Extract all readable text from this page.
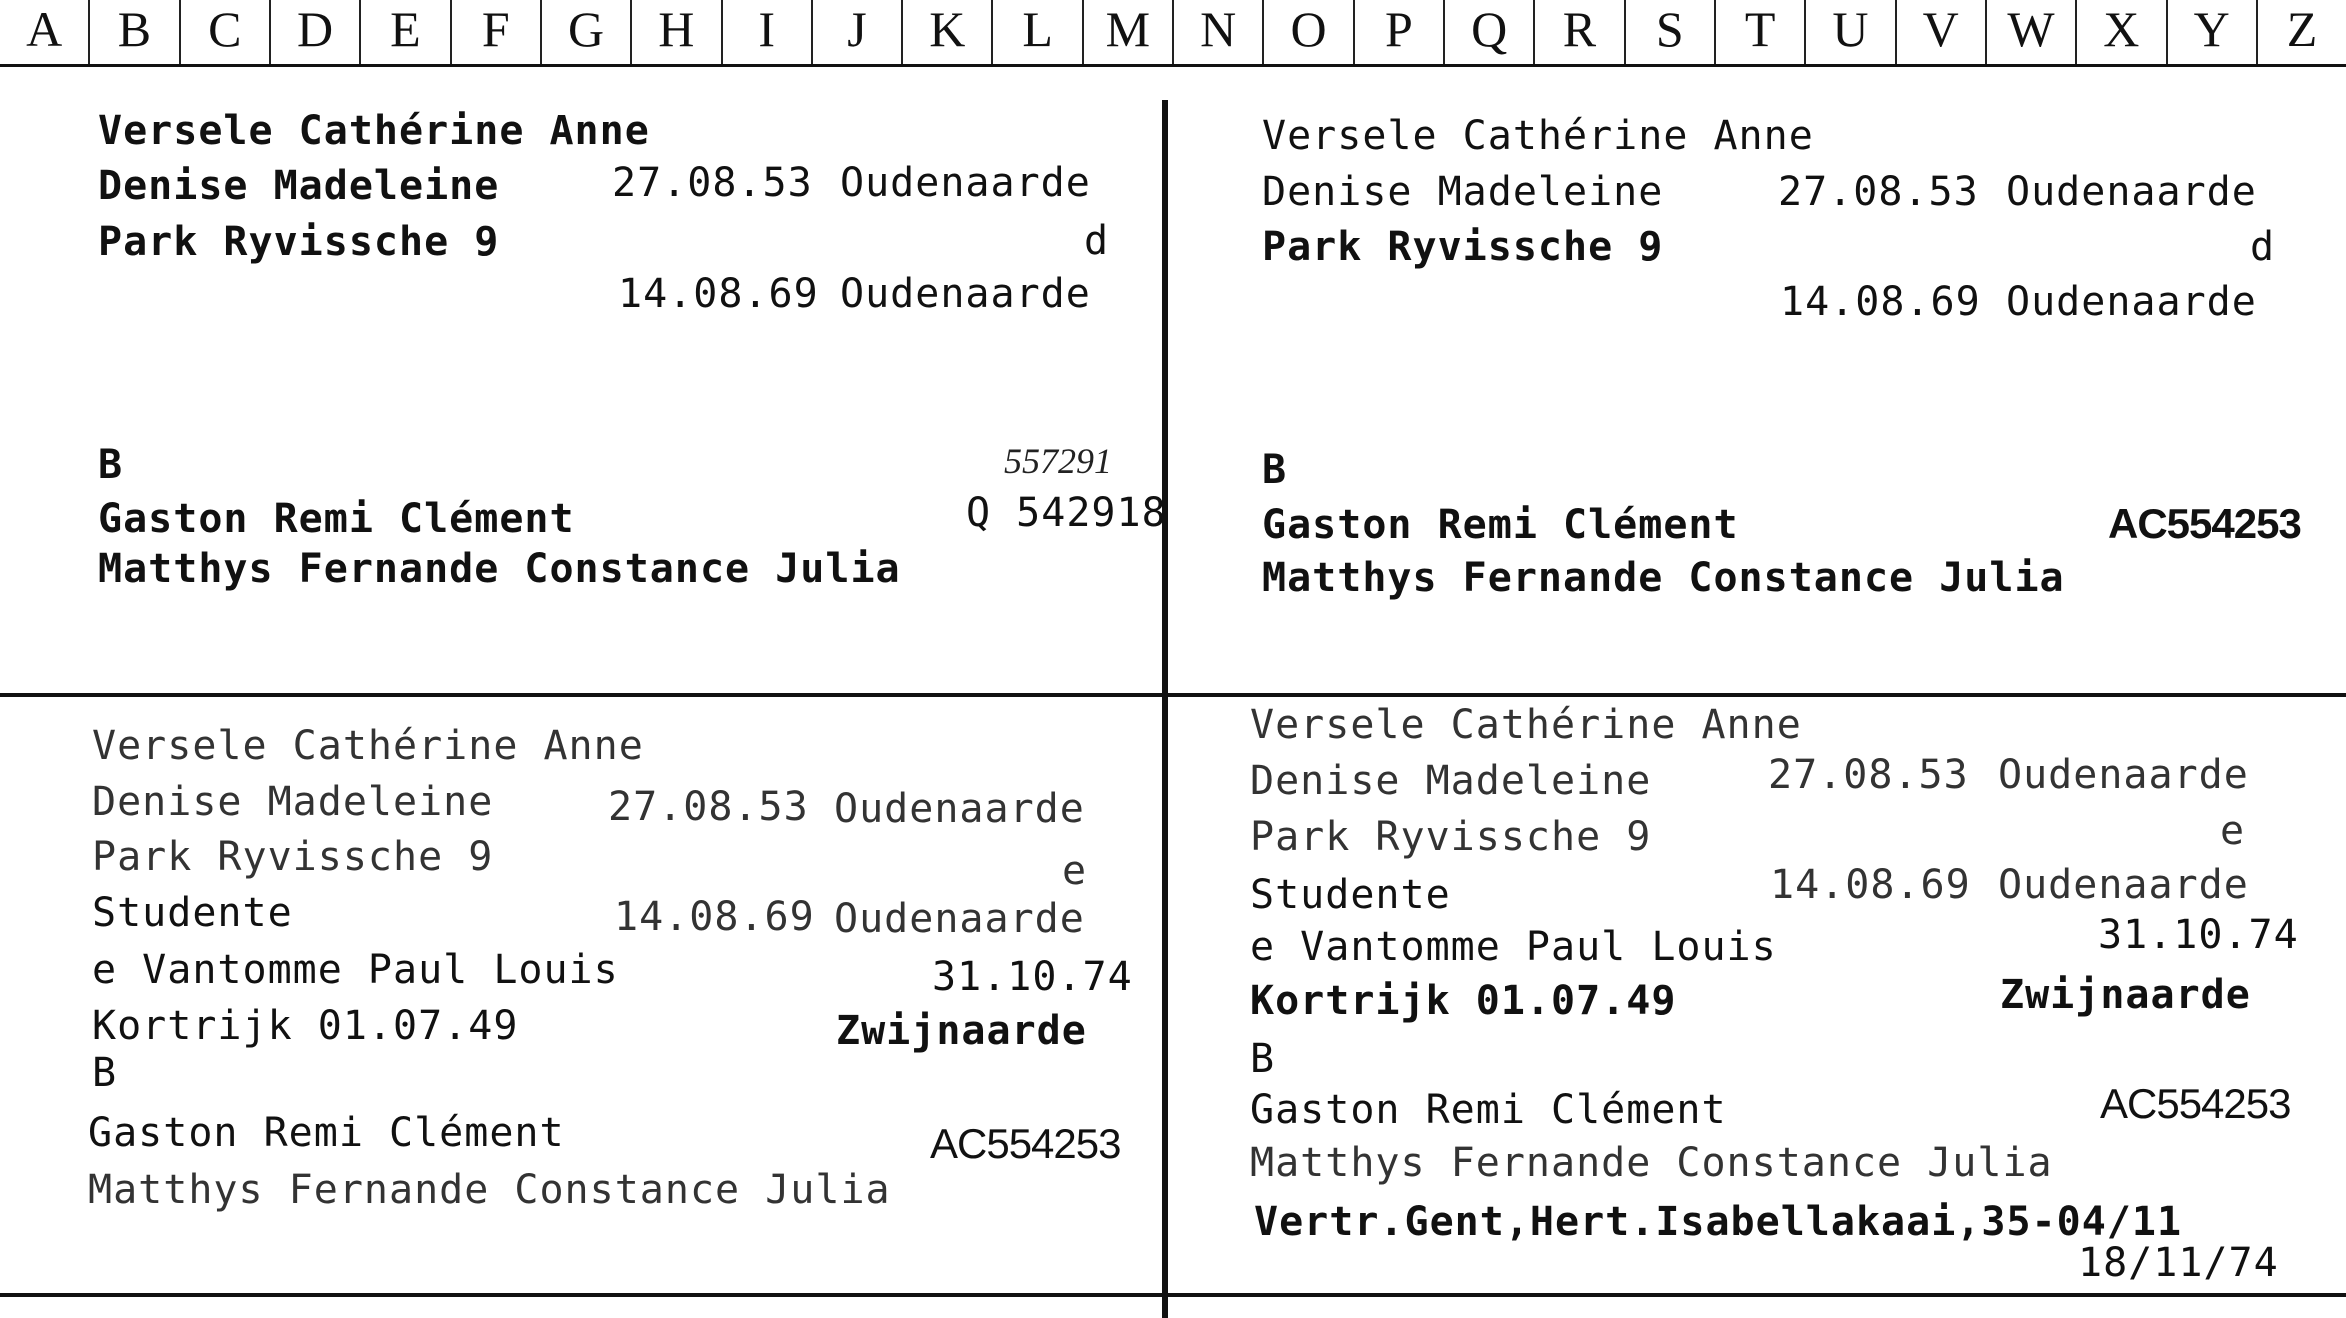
A	B	C	D	E	F	G	H	I	J	K	L	M	N	O	P	Q	R	S	T	U	V W X	Y	Z
Versele Cathérine Anne
Denise Madeleine	27.08.53 Oudenaarde
Park Ryvissche 9	d
14.08.69 Oudenaarde
B	557291
Q 542918
Gaston Remi Clément
Matthys Fernande Constance Julia
Versele Cathérine Anne
Denise Madeleine	27.08.53 Oudenaarde
Park Ryvissche 9	d
14.08.69 Oudenaarde
B
Gaston Remi Clément	AC554253
Matthys Fernande Constance Julia
Versele Cathérine Anne
Denise Madeleine	27.08.53 Oudenaarde
Park Ryvissche 9	e
Studente	14.08.69 Oudenaarde
e Vantomme Paul Louis	31.10.74
Kortrijk 01.07.49	Zwijnaarde
B
Gaston Remi Clément	AC554253
Matthys Fernande Constance Julia
Versele Cathérine Anne
Denise Madeleine	27.08.53 Oudenaarde
Park Ryvissche 9	e
Studente	14.08.69 Oudenaarde
e Vantomme Paul Louis	31.10.74
Kortrijk 01.07.49	Zwijnaarde
B
Gaston Remi Clément	AC554253
Matthys Fernande Constance Julia
Vertr.Gent,Hert.Isabellakaai,35-04/11
18/11/74
